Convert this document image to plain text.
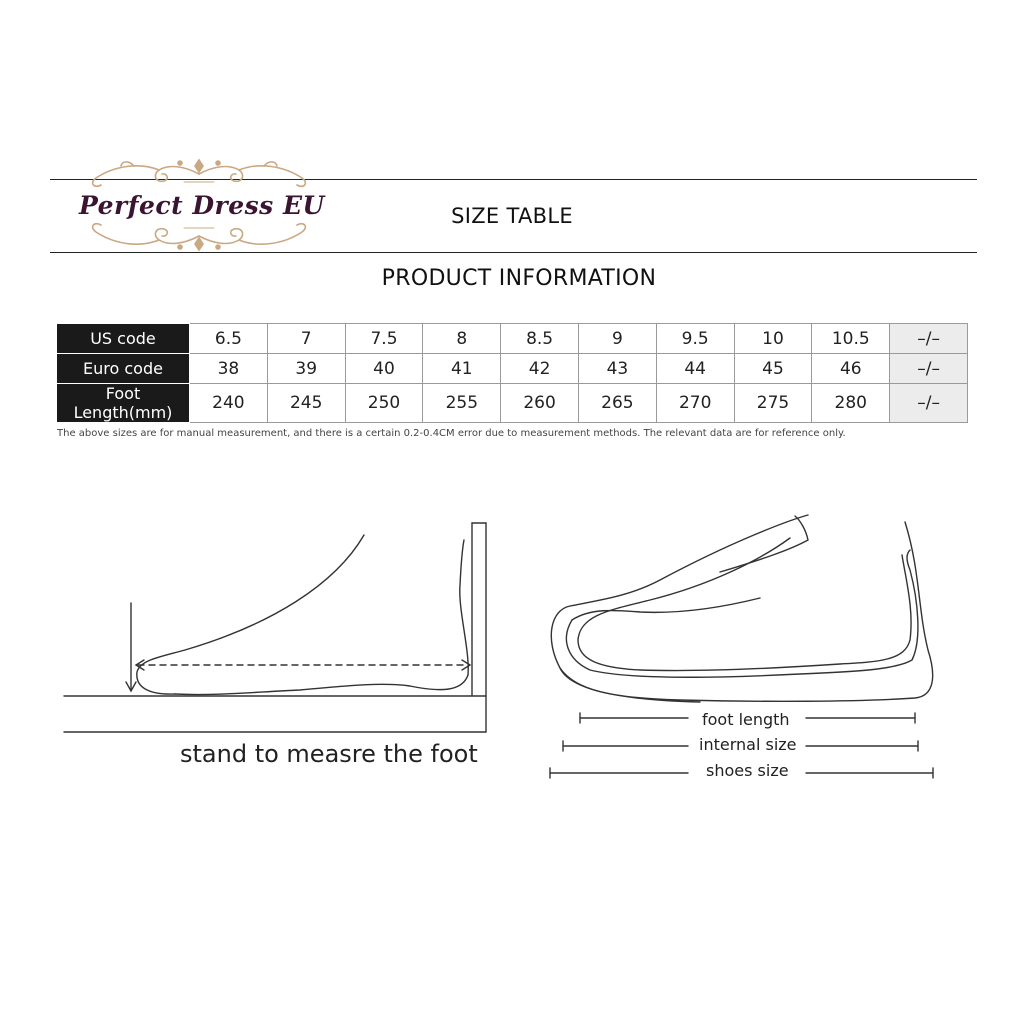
Perfect Dress EU	SIZE TABLE
PRODUCT INFORMATION
US code	6.5	7	7.5	8	8.5	9	9.5	10	10.5	–/–
Euro code	38	39	40	41	42	43	44	45	46	–/–
Foot Length(mm)	240	245	250	255	260	265	270	275	280	–/–
The above sizes are for manual measurement, and there is a certain 0.2-0.4CM error due to measurement methods. The relevant data are for reference only.
stand to measre the foot
foot length
internal size
shoes size
